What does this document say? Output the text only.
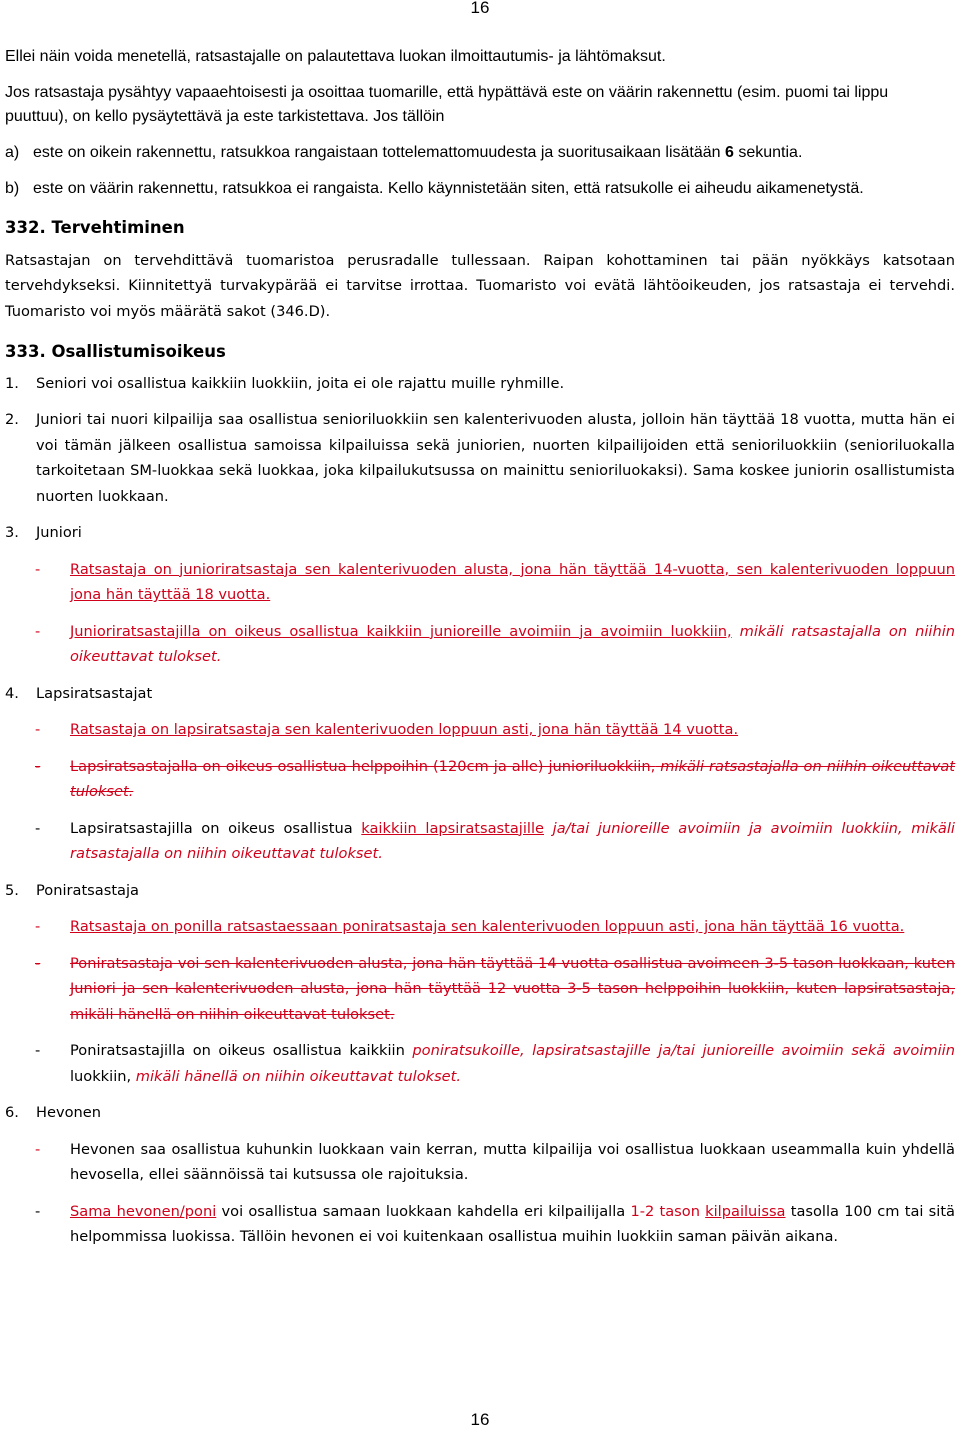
16

Ellei näin voida menetellä, ratsastajalle on palautettava luokan ilmoittautumis- ja lähtömaksut.

Jos ratsastaja pysähtyy vapaaehtoisesti ja osoittaa tuomarille, että hypättävä este on väärin rakennettu (esim. puomi tai lippu puuttuu), on kello pysäytettävä ja este tarkistettava. Jos tällöin

a) este on oikein rakennettu, ratsukkoa rangaistaan tottelemattomuudesta ja suoritusaikaan lisätään 6 sekuntia.
b) este on väärin rakennettu, ratsukkoa ei rangaista. Kello käynnistetään siten, että ratsukolle ei aiheudu aikamenetystä.

332. Tervehtiminen

Ratsastajan on tervehdittävä tuomaristoa perusradalle tullessaan. Raipan kohottaminen tai pään nyökkäys katsotaan tervehdykseksi. Kiinnitettyä turvakypärää ei tarvitse irrottaa. Tuomaristo voi evätä lähtöoikeuden, jos ratsastaja ei tervehdi. Tuomaristo voi myös määrätä sakot (346.D).

333. Osallistumisoikeus

1.	Seniori voi osallistua kaikkiin luokkiin, joita ei ole rajattu muille ryhmille.
2.	Juniori tai nuori kilpailija saa osallistua senioriluokkiin sen kalenterivuoden alusta, jolloin hän täyttää 18 vuotta, mutta hän ei voi tämän jälkeen osallistua samoissa kilpailuissa sekä juniorien, nuorten kilpailijoiden että senioriluokkiin (senioriluokalla tarkoitetaan SM-luokkaa sekä luokkaa, joka kilpailukutsussa on mainittu senioriluokaksi). Sama koskee juniorin osallistumista nuorten luokkaan.
3.	Juniori
-	Ratsastaja on junioriratsastaja sen kalenterivuoden alusta, jona hän täyttää 14-vuotta, sen kalenterivuoden loppuun jona hän täyttää 18 vuotta.
-	Junioriratsastajilla on oikeus osallistua kaikkiin junioreille avoimiin ja avoimiin luokkiin, mikäli ratsastajalla on niihin oikeuttavat tulokset.
4.	Lapsiratsastajat
-	Ratsastaja on lapsiratsastaja sen kalenterivuoden loppuun asti, jona hän täyttää 14 vuotta.
-	Lapsiratsastajalla on oikeus osallistua helppoihin (120cm ja alle) junioriluokkiin, mikäli ratsastajalla on niihin oikeuttavat tulokset.
-	Lapsiratsastajilla on oikeus osallistua kaikkiin lapsiratsastajille ja/tai junioreille avoimiin ja avoimiin luokkiin, mikäli ratsastajalla on niihin oikeuttavat tulokset.
5.	Poniratsastaja
-	Ratsastaja on ponilla ratsastaessaan poniratsastaja sen kalenterivuoden loppuun asti, jona hän täyttää 16 vuotta.
-	Poniratsastaja voi sen kalenterivuoden alusta, jona hän täyttää 14 vuotta osallistua avoimeen 3-5 tason luokkaan, kuten Juniori ja sen kalenterivuoden alusta, jona hän täyttää 12 vuotta 3-5 tason helppoihin luokkiin, kuten lapsiratsastaja, mikäli hänellä on niihin oikeuttavat tulokset.
-	Poniratsastajilla on oikeus osallistua kaikkiin poniratsukoille, lapsiratsastajille ja/tai junioreille avoimiin sekä avoimiin luokkiin, mikäli hänellä on niihin oikeuttavat tulokset.
6.	Hevonen
-	Hevonen saa osallistua kuhunkin luokkaan vain kerran, mutta kilpailija voi osallistua luokkaan useammalla kuin yhdellä hevosella, ellei säännöissä tai kutsussa ole rajoituksia.
-	Sama hevonen/poni voi osallistua samaan luokkaan kahdella eri kilpailijalla 1-2 tason kilpailuissa tasolla 100 cm tai sitä helpommissa luokissa. Tällöin hevonen ei voi kuitenkaan osallistua muihin luokkiin saman päivän aikana.
16
